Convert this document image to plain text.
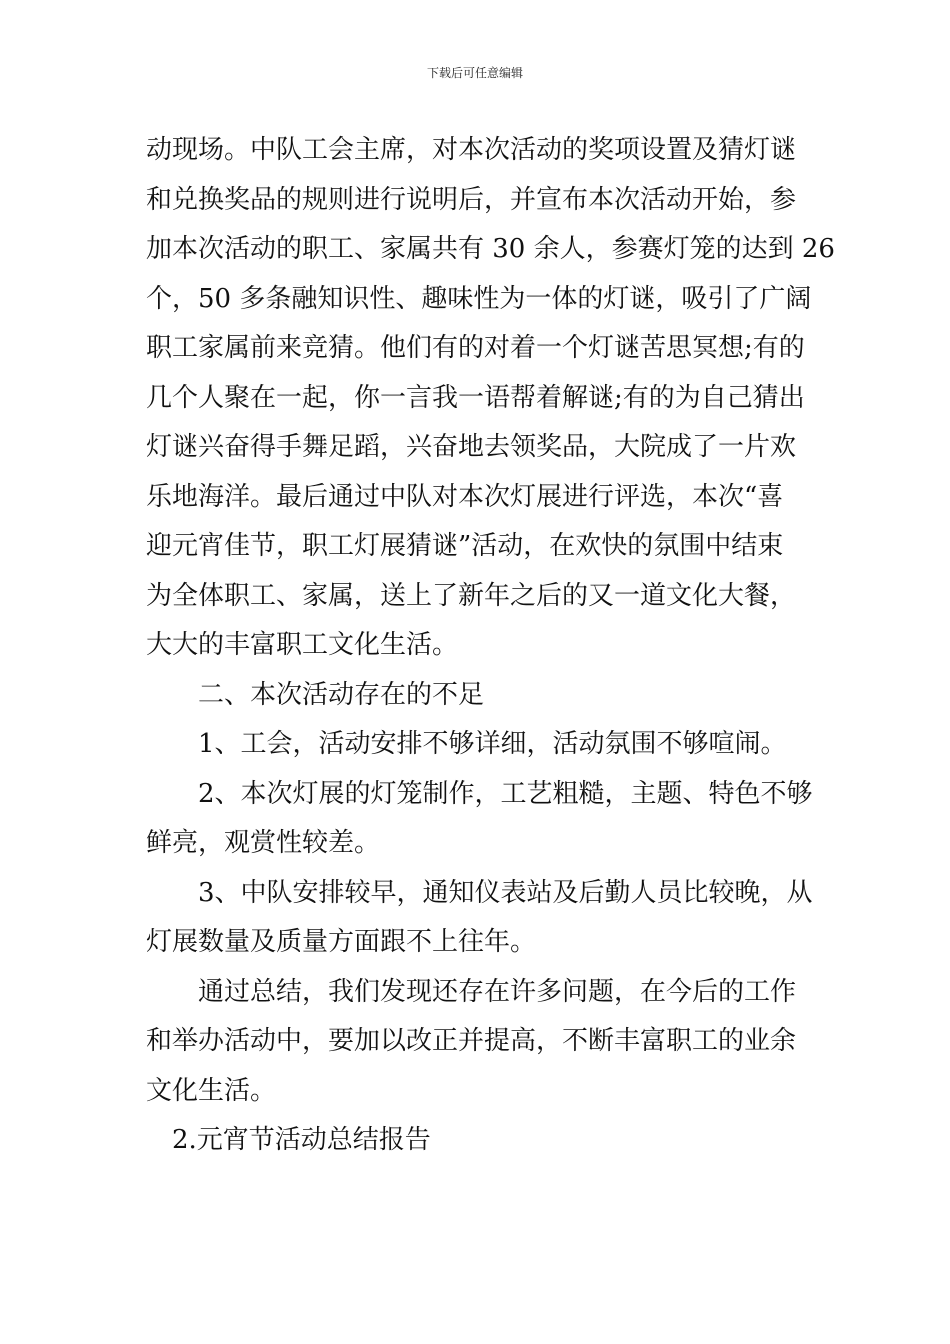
下载后可任意编辑

动现场。中队工会主席，对本次活动的奖项设置及猜灯谜

和兑换奖品的规则进行说明后，并宣布本次活动开始，参

加本次活动的职工、家属共有 30 余人，参赛灯笼的达到 26

个，50 多条融知识性、趣味性为一体的灯谜，吸引了广阔

职工家属前来竞猜。他们有的对着一个灯谜苦思冥想;有的

几个人聚在一起，你一言我一语帮着解谜;有的为自己猜出

灯谜兴奋得手舞足蹈，兴奋地去领奖品，大院成了一片欢

乐地海洋。最后通过中队对本次灯展进行评选，本次“喜

迎元宵佳节，职工灯展猜谜”活动，在欢快的氛围中结束

为全体职工、家属，送上了新年之后的又一道文化大餐，

大大的丰富职工文化生活。

二、本次活动存在的不足

1、工会，活动安排不够详细，活动氛围不够喧闹。

2、本次灯展的灯笼制作，工艺粗糙，主题、特色不够

鲜亮，观赏性较差。

3、中队安排较早，通知仪表站及后勤人员比较晚，从

灯展数量及质量方面跟不上往年。

通过总结，我们发现还存在许多问题，在今后的工作

和举办活动中，要加以改正并提高，不断丰富职工的业余

文化生活。

2.元宵节活动总结报告
